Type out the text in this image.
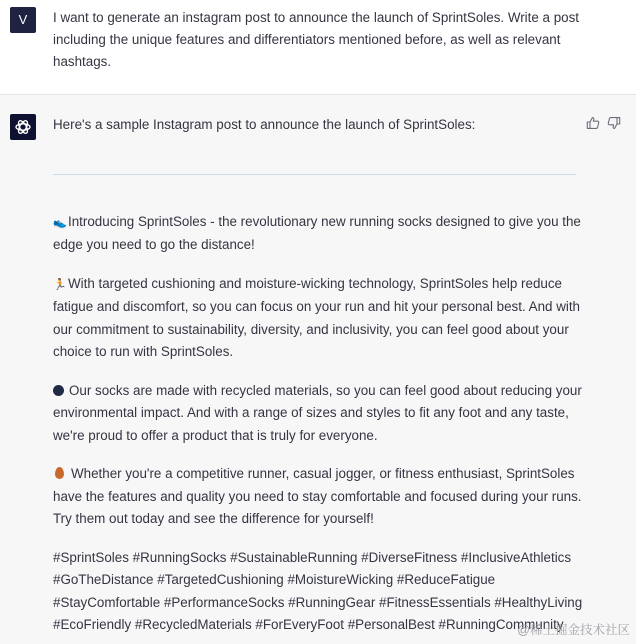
V	I want to generate an instagram post to announce the launch of SprintSoles. Write a post including the unique features and differentiators mentioned before, as well as relevant hashtags.

Here's a sample Instagram post to announce the launch of SprintSoles:

👟Introducing SprintSoles - the revolutionary new running socks designed to give you the edge you need to go the distance!

🏃With targeted cushioning and moisture-wicking technology, SprintSoles help reduce fatigue and discomfort, so you can focus on your run and hit your personal best. And with our commitment to sustainability, diversity, and inclusivity, you can feel good about your choice to run with SprintSoles.

Our socks are made with recycled materials, so you can feel good about reducing your environmental impact. And with a range of sizes and styles to fit any foot and any taste, we're proud to offer a product that is truly for everyone.

Whether you're a competitive runner, casual jogger, or fitness enthusiast, SprintSoles have the features and quality you need to stay comfortable and focused during your runs. Try them out today and see the difference for yourself!

#SprintSoles #RunningSocks #SustainableRunning #DiverseFitness #InclusiveAthletics #GoTheDistance #TargetedCushioning #MoistureWicking #ReduceFatigue #StayComfortable #PerformanceSocks #RunningGear #FitnessEssentials #HealthyLiving #EcoFriendly #RecycledMaterials #ForEveryFoot #PersonalBest #RunningCommunity

@稀土掘金技术社区
